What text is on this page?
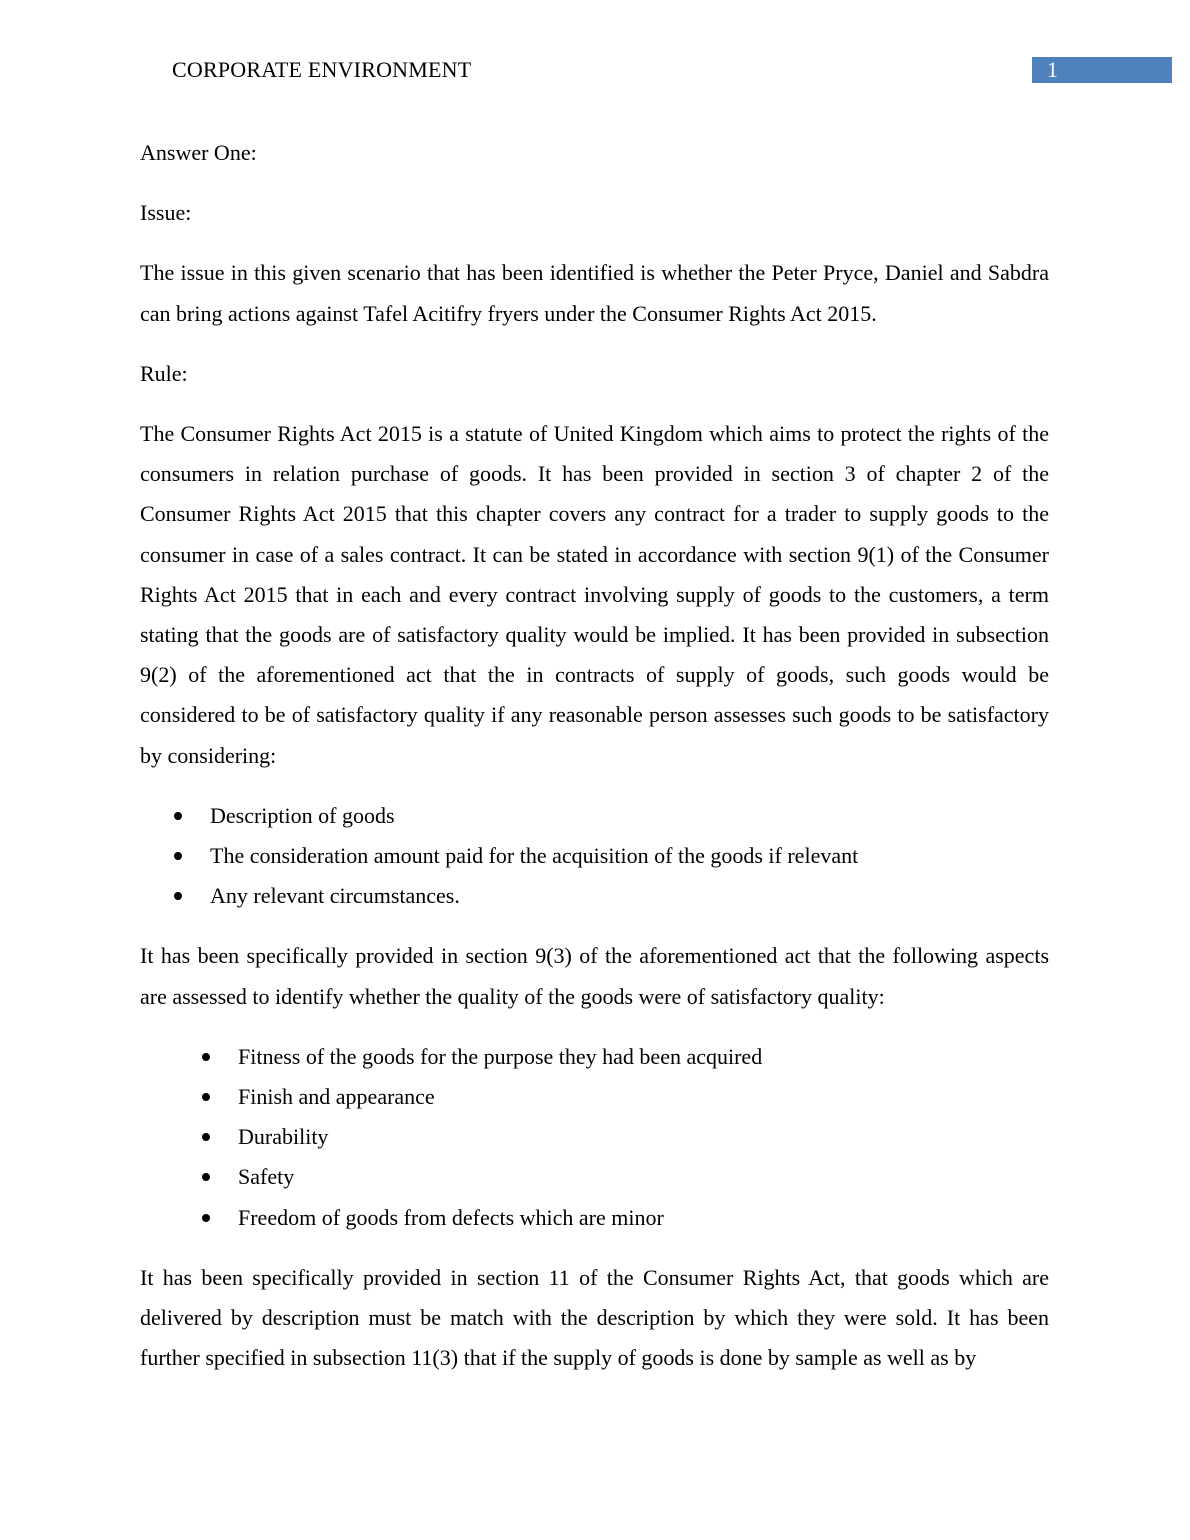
CORPORATE ENVIRONMENT	1

Answer One:

Issue:

The issue in this given scenario that has been identified is whether the Peter Pryce, Daniel and Sabdra can bring actions against Tafel Acitifry fryers under the Consumer Rights Act 2015.

Rule:

The Consumer Rights Act 2015 is a statute of United Kingdom which aims to protect the rights of the consumers in relation purchase of goods. It has been provided in section 3 of chapter 2 of the Consumer Rights Act 2015 that this chapter covers any contract for a trader to supply goods to the consumer in case of a sales contract. It can be stated in accordance with section 9(1) of the Consumer Rights Act 2015 that in each and every contract involving supply of goods to the customers, a term stating that the goods are of satisfactory quality would be implied. It has been provided in subsection 9(2) of the aforementioned act that the in contracts of supply of goods, such goods would be considered to be of satisfactory quality if any reasonable person assesses such goods to be satisfactory by considering:

Description of goods
The consideration amount paid for the acquisition of the goods if relevant
Any relevant circumstances.

It has been specifically provided in section 9(3) of the aforementioned act that the following aspects are assessed to identify whether the quality of the goods were of satisfactory quality:

Fitness of the goods for the purpose they had been acquired
Finish and appearance
Durability
Safety
Freedom of goods from defects which are minor

It has been specifically provided in section 11 of the Consumer Rights Act, that goods which are delivered by description must be match with the description by which they were sold. It has been further specified in subsection 11(3) that if the supply of goods is done by sample as well as by
